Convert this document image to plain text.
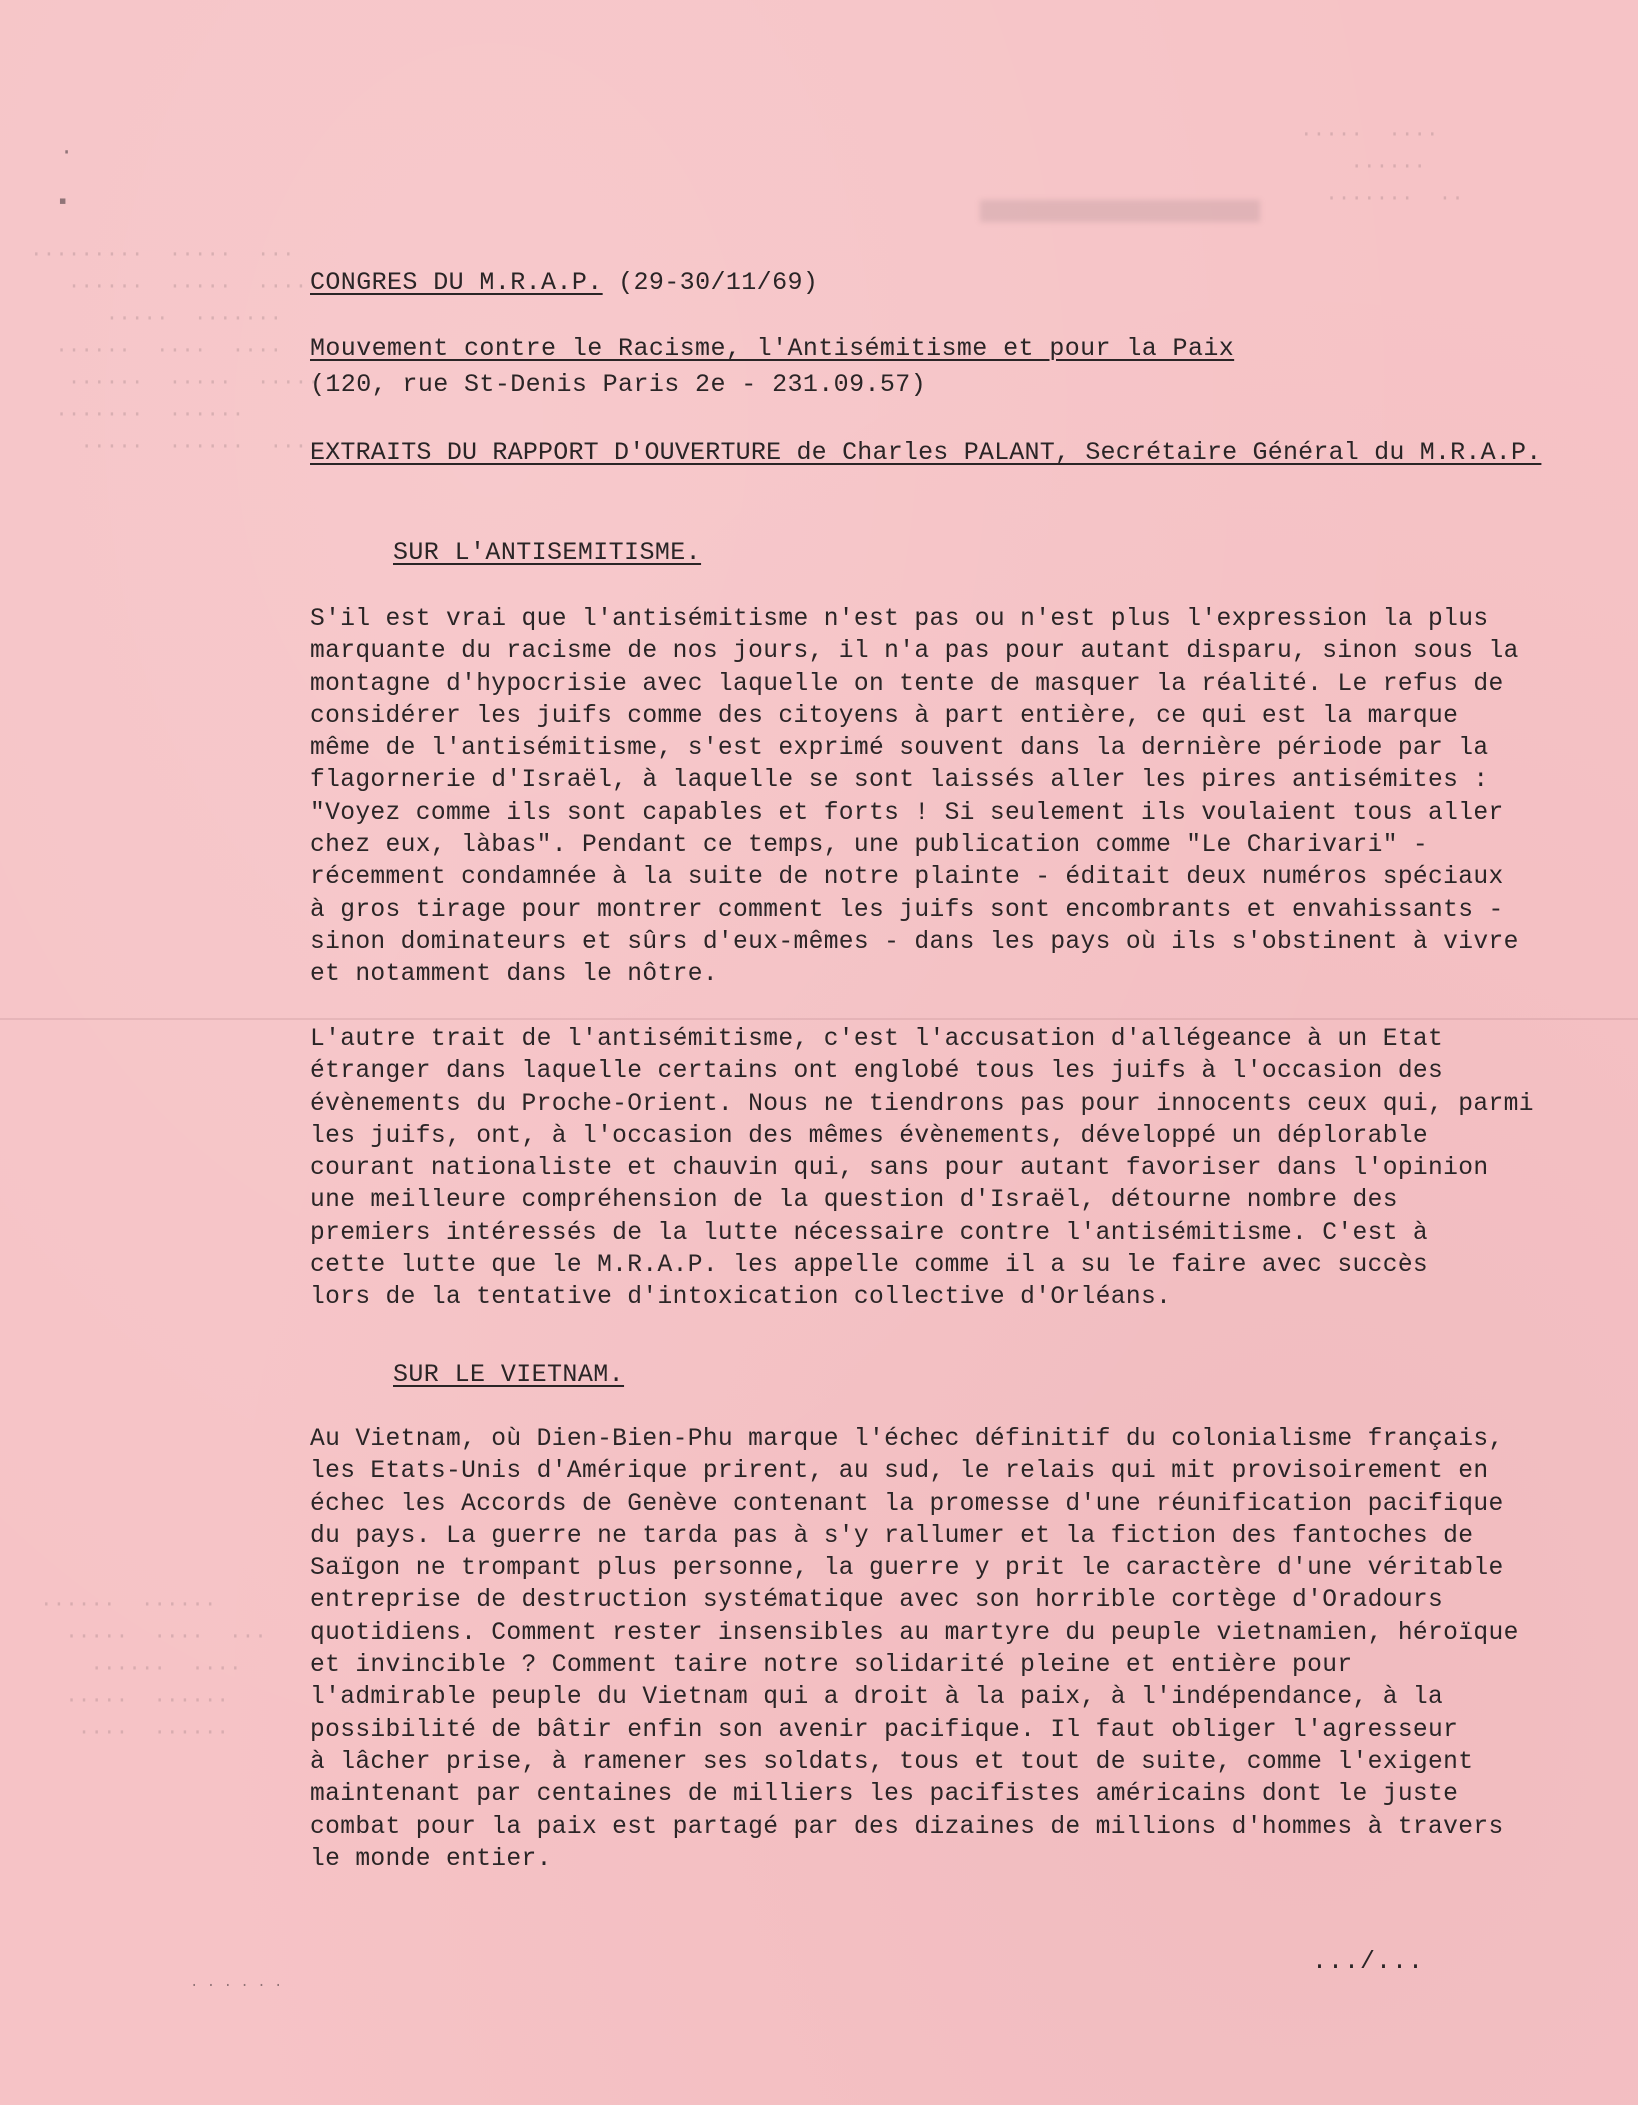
·········  ·····  ···
······  ·····  ····
·····  ·······
······  ····  ····  ·
······  ·····  ·····
·······  ······
·····  ······  ····
······  ······
·····  ····  ···
······  ····
·····  ······
····  ······
·····  ····
······
·······  ··
·
▪
CONGRES DU M.R.A.P. (29-30/11/69)
Mouvement contre le Racisme, l'Antisémitisme et pour la Paix
(120, rue St-Denis Paris 2e - 231.09.57)
EXTRAITS DU RAPPORT D'OUVERTURE de Charles PALANT, Secrétaire Général du M.R.A.P.
SUR L'ANTISEMITISME.
S'il est vrai que l'antisémitisme n'est pas ou n'est plus l'expression la plus
marquante du racisme de nos jours, il n'a pas pour autant disparu, sinon sous la
montagne d'hypocrisie avec laquelle on tente de masquer la réalité. Le refus de
considérer les juifs comme des citoyens à part entière, ce qui est la marque
même de l'antisémitisme, s'est exprimé souvent dans la dernière période par la
flagornerie d'Israël, à laquelle se sont laissés aller les pires antisémites :
"Voyez comme ils sont capables et forts ! Si seulement ils voulaient tous aller
chez eux, làbas". Pendant ce temps, une publication comme "Le Charivari" -
récemment condamnée à la suite de notre plainte - éditait deux numéros spéciaux
à gros tirage pour montrer comment les juifs sont encombrants et envahissants -
sinon dominateurs et sûrs d'eux-mêmes - dans les pays où ils s'obstinent à vivre
et notamment dans le nôtre.
L'autre trait de l'antisémitisme, c'est l'accusation d'allégeance à un Etat
étranger dans laquelle certains ont englobé tous les juifs à l'occasion des
évènements du Proche-Orient. Nous ne tiendrons pas pour innocents ceux qui, parmi
les juifs, ont, à l'occasion des mêmes évènements, développé un déplorable
courant nationaliste et chauvin qui, sans pour autant favoriser dans l'opinion
une meilleure compréhension de la question d'Israël, détourne nombre des
premiers intéressés de la lutte nécessaire contre l'antisémitisme. C'est à
cette lutte que le M.R.A.P. les appelle comme il a su le faire avec succès
lors de la tentative d'intoxication collective d'Orléans.
SUR LE VIETNAM.
Au Vietnam, où Dien-Bien-Phu marque l'échec définitif du colonialisme français,
les Etats-Unis d'Amérique prirent, au sud, le relais qui mit provisoirement en
échec les Accords de Genève contenant la promesse d'une réunification pacifique
du pays. La guerre ne tarda pas à s'y rallumer et la fiction des fantoches de
Saïgon ne trompant plus personne, la guerre y prit le caractère d'une véritable
entreprise de destruction systématique avec son horrible cortège d'Oradours
quotidiens. Comment rester insensibles au martyre du peuple vietnamien, héroïque
et invincible ? Comment taire notre solidarité pleine et entière pour
l'admirable peuple du Vietnam qui a droit à la paix, à l'indépendance, à la
possibilité de bâtir enfin son avenir pacifique. Il faut obliger l'agresseur
à lâcher prise, à ramener ses soldats, tous et tout de suite, comme l'exigent
maintenant par centaines de milliers les pacifistes américains dont le juste
combat pour la paix est partagé par des dizaines de millions d'hommes à travers
le monde entier.
.../...
· · · · · ·
